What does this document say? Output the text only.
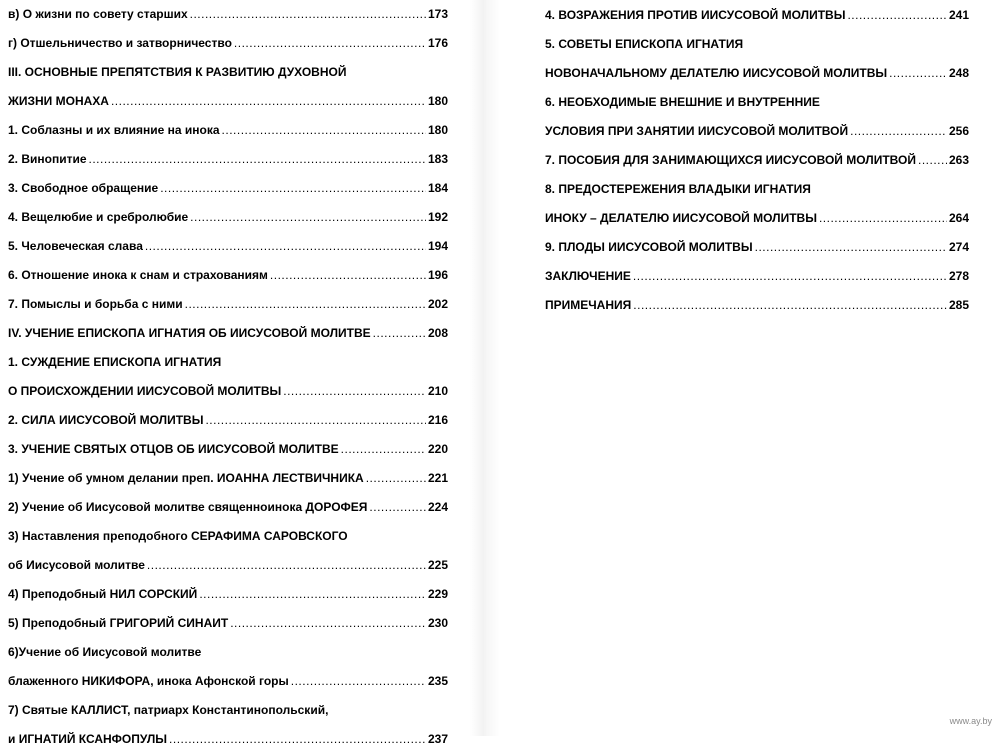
в) О жизни по совету старших .....	173
г) Отшельничество и затворничество .....	176
III. ОСНОВНЫЕ ПРЕПЯТСТВИЯ К РАЗВИТИЮ ДУХОВНОЙ
ЖИЗНИ МОНАХА .....	180
1. Соблазны и их влияние на инока .....	180
2. Винопитие .....	183
3. Свободное обращение .....	184
4. Вещелюбие и сребролюбие .....	192
5. Человеческая слава .....	194
6. Отношение инока к снам и страхованиям .....	196
7. Помыслы и борьба с ними .....	202
IV. УЧЕНИЕ ЕПИСКОПА ИГНАТИЯ ОБ ИИСУСОВОЙ МОЛИТВЕ .....	208
1. СУЖДЕНИЕ ЕПИСКОПА ИГНАТИЯ
О ПРОИСХОЖДЕНИИ ИИСУСОВОЙ МОЛИТВЫ .....	210
2. СИЛА ИИСУСОВОЙ МОЛИТВЫ .....	216
3. УЧЕНИЕ СВЯТЫХ ОТЦОВ ОБ ИИСУСОВОЙ МОЛИТВЕ .....	220
1) Учение об умном делании преп. ИОАННА ЛЕСТВИЧНИКА .....	221
2) Учение об Иисусовой молитве священноинока ДОРОФЕЯ .....	224
3) Наставления преподобного СЕРАФИМА САРОВСКОГО
об Иисусовой молитве .....	225
4) Преподобный НИЛ СОРСКИЙ .....	229
5) Преподобный ГРИГОРИЙ СИНАИТ .....	230
6)Учение об Иисусовой молитве
блаженного НИКИФОРА, инока Афонской горы .....	235
7) Святые КАЛЛИСТ, патриарх Константинопольский,
и ИГНАТИЙ КСАНФОПУЛЫ .....	237
4. ВОЗРАЖЕНИЯ ПРОТИВ ИИСУСОВОЙ МОЛИТВЫ .....	241
5. СОВЕТЫ ЕПИСКОПА ИГНАТИЯ
НОВОНАЧАЛЬНОМУ ДЕЛАТЕЛЮ ИИСУСОВОЙ МОЛИТВЫ .....	248
6. НЕОБХОДИМЫЕ ВНЕШНИЕ И ВНУТРЕННИЕ
УСЛОВИЯ ПРИ ЗАНЯТИИ ИИСУСОВОЙ МОЛИТВОЙ .....	256
7. ПОСОБИЯ ДЛЯ ЗАНИМАЮЩИХСЯ ИИСУСОВОЙ МОЛИТВОЙ .....	263
8. ПРЕДОСТЕРЕЖЕНИЯ ВЛАДЫКИ ИГНАТИЯ
ИНОКУ – ДЕЛАТЕЛЮ ИИСУСОВОЙ МОЛИТВЫ .....	264
9. ПЛОДЫ ИИСУСОВОЙ МОЛИТВЫ .....	274
ЗАКЛЮЧЕНИЕ .....	278
ПРИМЕЧАНИЯ .....	285
www.ay.by
